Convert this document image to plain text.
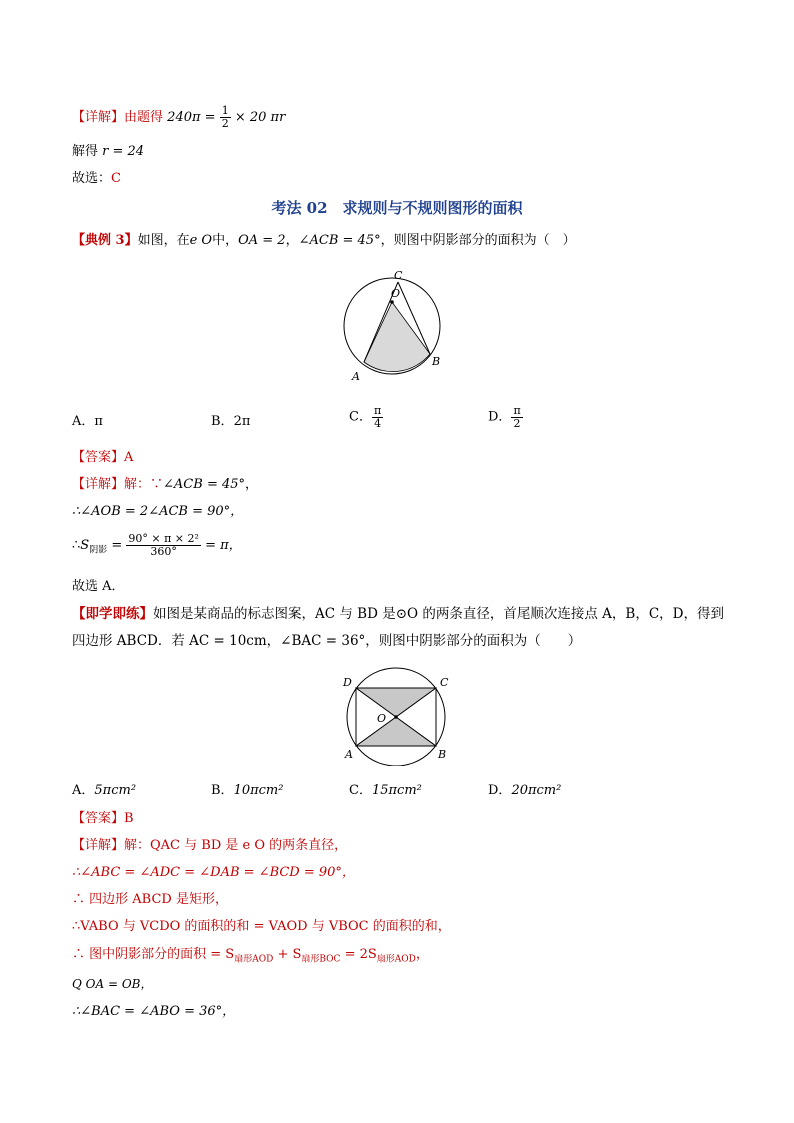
【详解】由题得 $240\pi = \frac{1}{2} \times 20$ πr
解得 r = 24
故选：C
考法 02　求规则与不规则图形的面积
【典例 3】如图，在e O中，OA = 2，∠ACB = 45°，则图中阴影部分的面积为（　）
C
O
A
B
A．π	B．2π	C． $\frac{\pi}{4}$	D． $\frac{\pi}{2}$
【答案】A
【详解】解：∵∠ACB = 45°，
∴∠AOB = 2∠ACB = 90°，
$\therefore S_{阴影} = \frac{\text{90° × π × 2²}}{360^\circ} = \pi$，
故选 A．
【即学即练】如图是某商品的标志图案，AC 与 BD 是⊙O 的两条直径，首尾顺次连接点 A，B，C，D，得到
四边形 ABCD．若 AC = 10cm，∠BAC = 36°，则图中阴影部分的面积为（　　）
D	C
O
A	B
A．5πcm²	B．10πcm²	C．15πcm²	D．20πcm²
【答案】B
【详解】解：QAC 与 BD 是 e O 的两条直径，
∴∠ABC = ∠ADC = ∠DAB = ∠BCD = 90°，
∴ 四边形 ABCD 是矩形，
∴VABO 与 VCDO 的面积的和 = VAOD 与 VBOC 的面积的和，
∴ 图中阴影部分的面积 = $S_{扇形AOD} + S_{扇形BOC} = 2S_{扇形AOD}$，
Q OA = OB，
∴∠BAC = ∠ABO = 36°，
